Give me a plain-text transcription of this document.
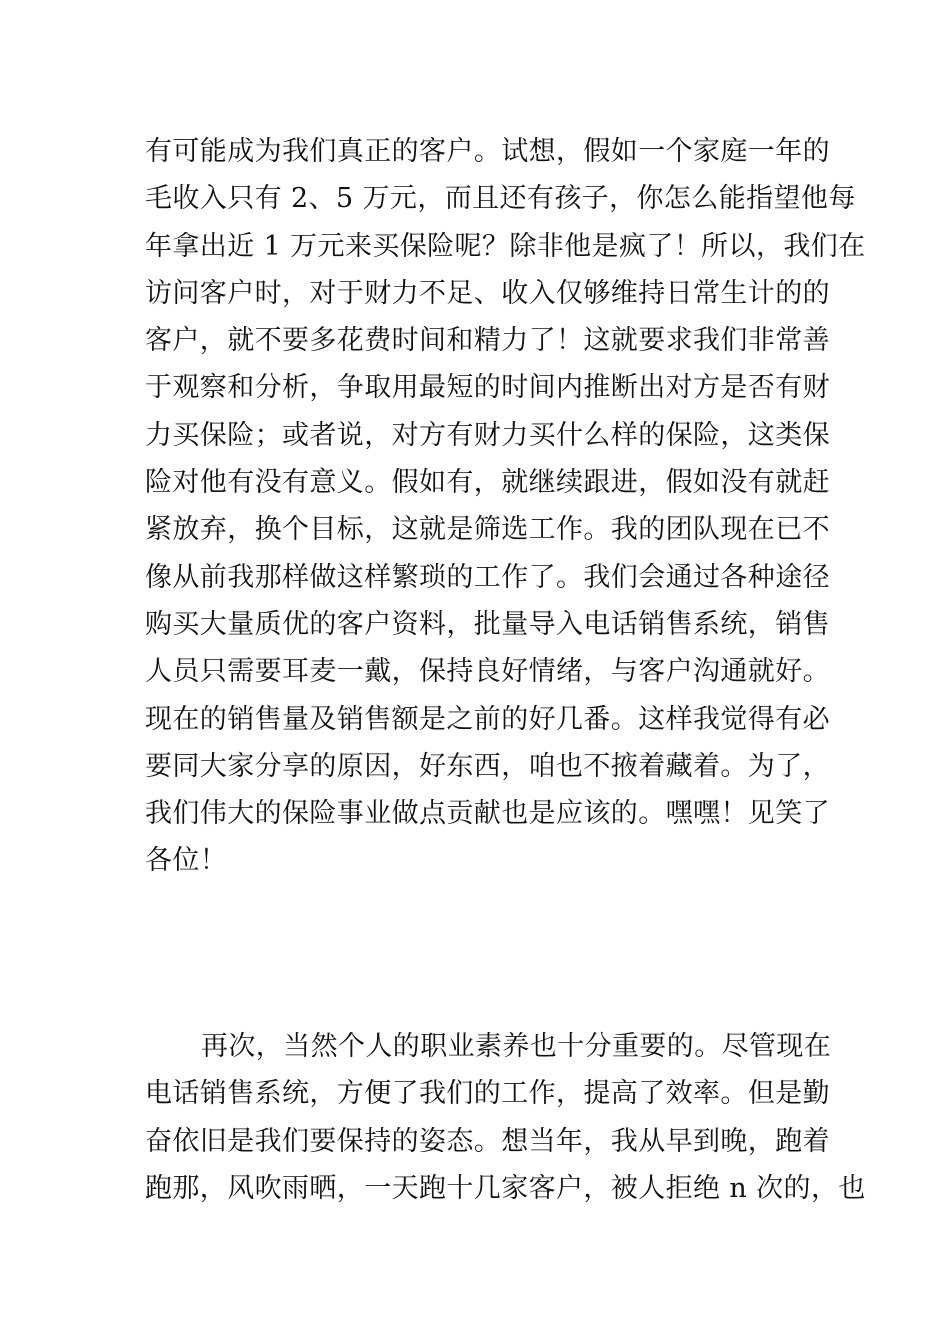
有可能成为我们真正的客户。试想，假如一个家庭一年的
毛收入只有 2、5 万元，而且还有孩子，你怎么能指望他每
年拿出近 1 万元来买保险呢？除非他是疯了！所以，我们在
访问客户时，对于财力不足、收入仅够维持日常生计的的
客户，就不要多花费时间和精力了！这就要求我们非常善
于观察和分析，争取用最短的时间内推断出对方是否有财
力买保险；或者说，对方有财力买什么样的保险，这类保
险对他有没有意义。假如有，就继续跟进，假如没有就赶
紧放弃，换个目标，这就是筛选工作。我的团队现在已不
像从前我那样做这样繁琐的工作了。我们会通过各种途径
购买大量质优的客户资料，批量导入电话销售系统，销售
人员只需要耳麦一戴，保持良好情绪，与客户沟通就好。
现在的销售量及销售额是之前的好几番。这样我觉得有必
要同大家分享的原因，好东西，咱也不掖着藏着。为了，
我们伟大的保险事业做点贡献也是应该的。嘿嘿！见笑了
各位！
再次，当然个人的职业素养也十分重要的。尽管现在
电话销售系统，方便了我们的工作，提高了效率。但是勤
奋依旧是我们要保持的姿态。想当年，我从早到晚，跑着
跑那，风吹雨晒，一天跑十几家客户，被人拒绝 n 次的，也
